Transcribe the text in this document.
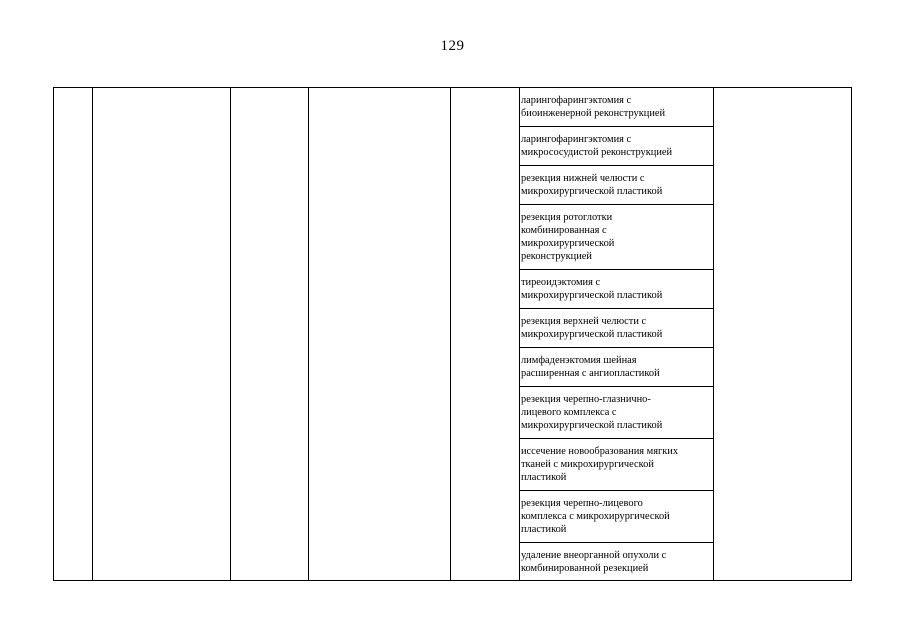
129
ларингофарингэктомия с
биоинженерной реконструкцией
ларингофарингэктомия с
микрососудистой реконструкцией
резекция нижней челюсти с
микрохирургической пластикой
резекция ротоглотки
комбинированная с
микрохирургической
реконструкцией
тиреоидэктомия с
микрохирургической пластикой
резекция верхней челюсти с
микрохирургической пластикой
лимфаденэктомия шейная
расширенная с ангиопластикой
резекция черепно-глазнично-
лицевого комплекса с
микрохирургической пластикой
иссечение новообразования мягких
тканей с микрохирургической
пластикой
резекция черепно-лицевого
комплекса с микрохирургической
пластикой
удаление внеорганной опухоли с
комбинированной резекцией
